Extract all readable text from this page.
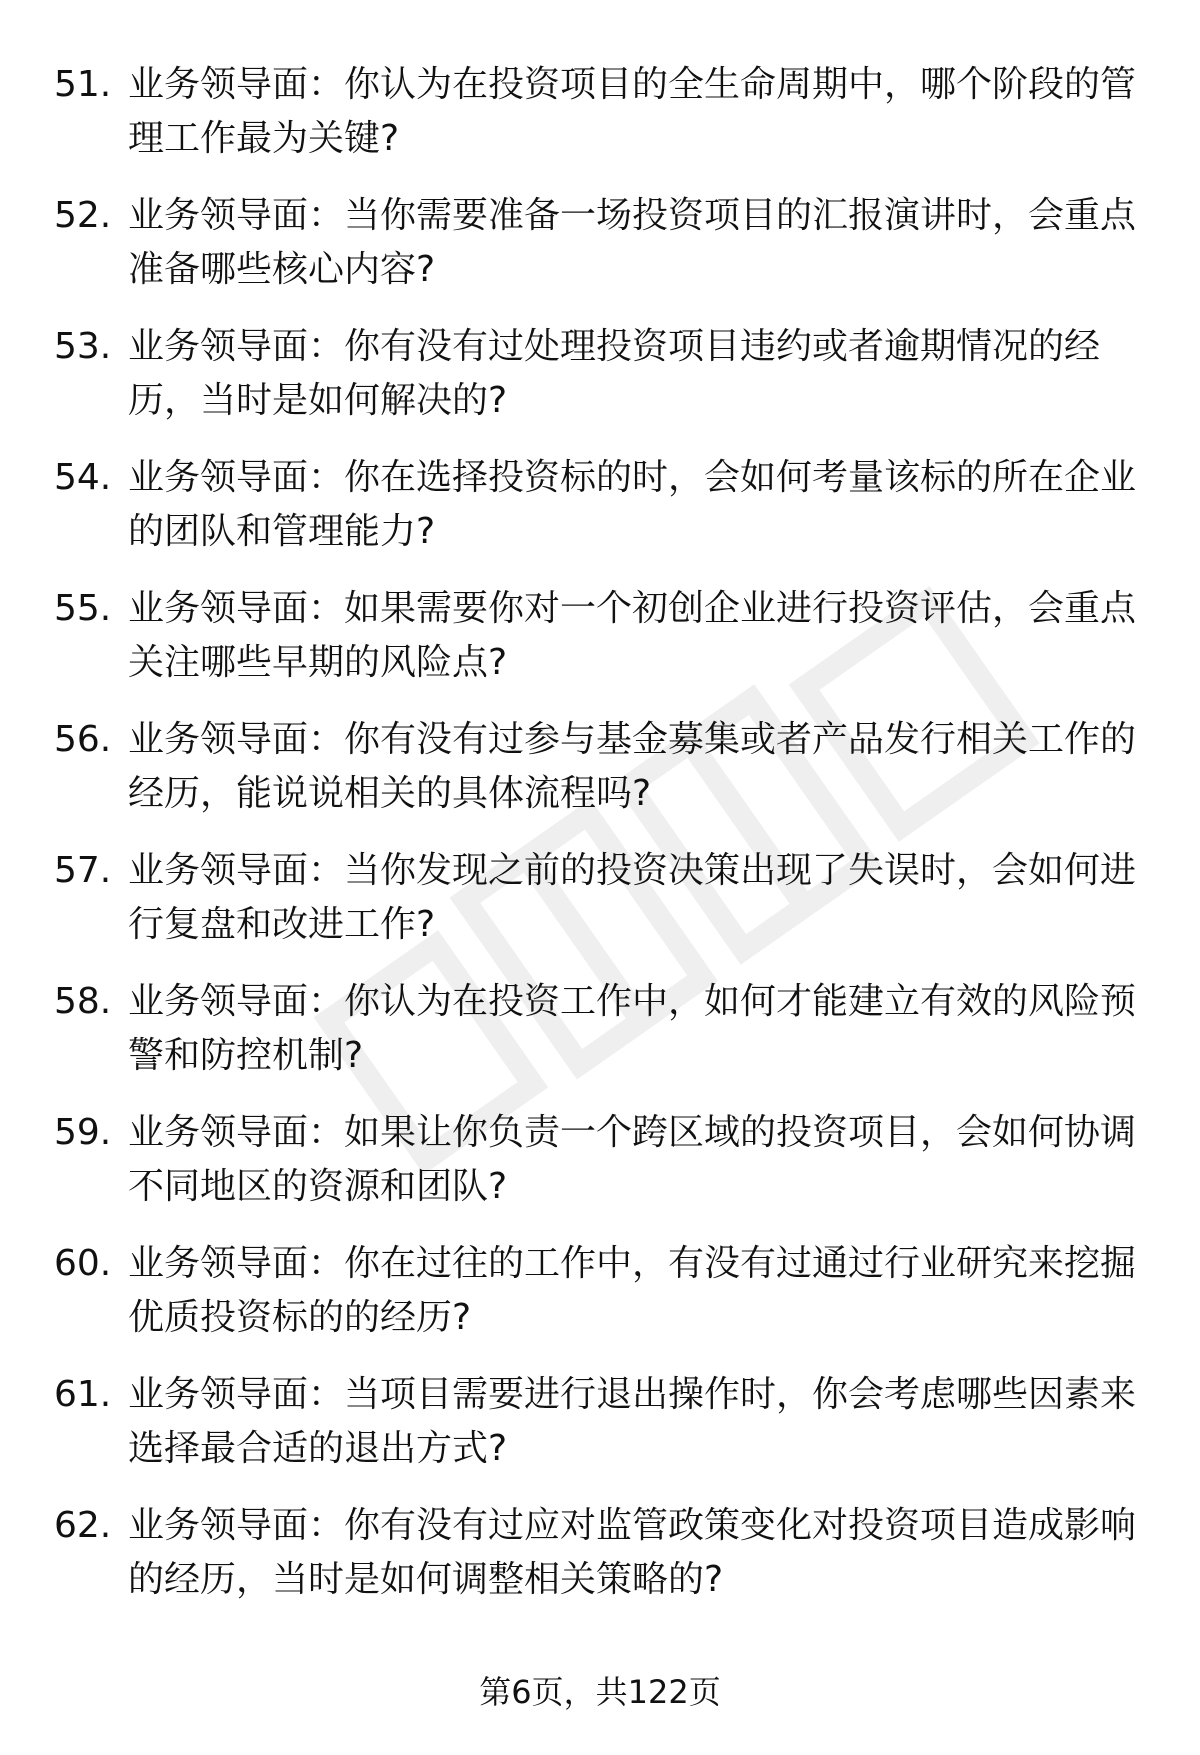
51. 业务领导面：你认为在投资项目的全生命周期中，哪个阶段的管理工作最为关键?
52. 业务领导面：当你需要准备一场投资项目的汇报演讲时，会重点准备哪些核心内容?
53. 业务领导面：你有没有过处理投资项目违约或者逾期情况的经历，当时是如何解决的?
54. 业务领导面：你在选择投资标的时，会如何考量该标的所在企业的团队和管理能力?
55. 业务领导面：如果需要你对一个初创企业进行投资评估，会重点关注哪些早期的风险点?
56. 业务领导面：你有没有过参与基金募集或者产品发行相关工作的经历，能说说相关的具体流程吗?
57. 业务领导面：当你发现之前的投资决策出现了失误时，会如何进行复盘和改进工作?
58. 业务领导面：你认为在投资工作中，如何才能建立有效的风险预警和防控机制?
59. 业务领导面：如果让你负责一个跨区域的投资项目，会如何协调不同地区的资源和团队?
60. 业务领导面：你在过往的工作中，有没有过通过行业研究来挖掘优质投资标的的经历?
61. 业务领导面：当项目需要进行退出操作时，你会考虑哪些因素来选择最合适的退出方式?
62. 业务领导面：你有没有过应对监管政策变化对投资项目造成影响的经历，当时是如何调整相关策略的?
第6页，共122页
